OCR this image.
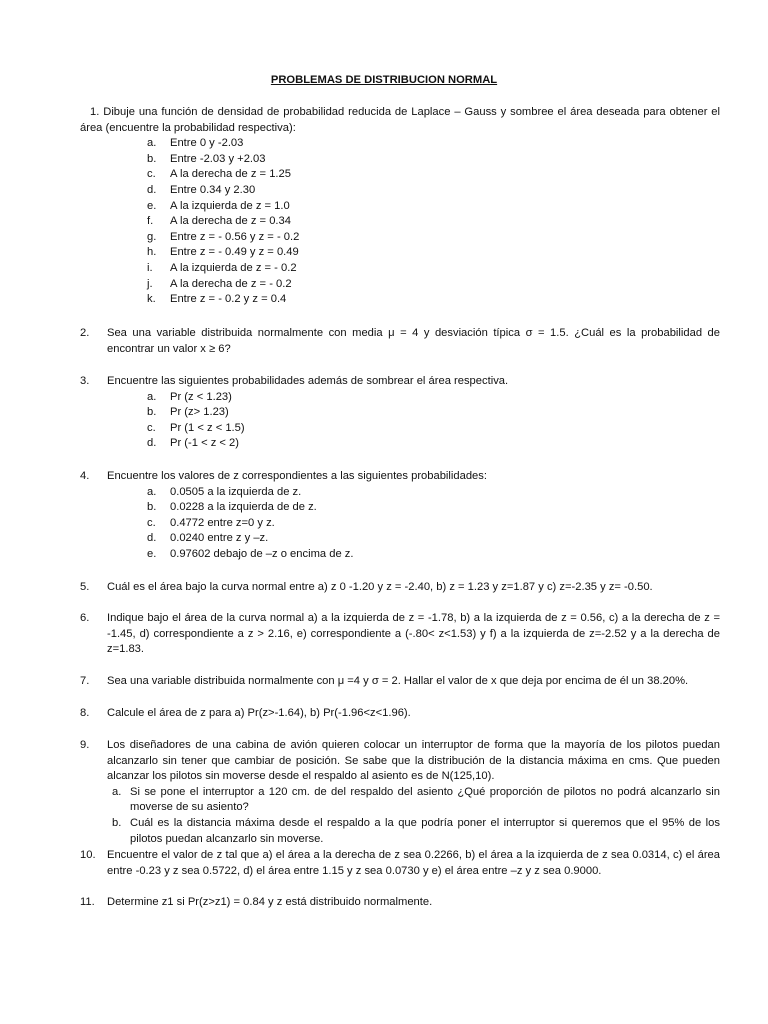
PROBLEMAS DE DISTRIBUCION NORMAL
1. Dibuje una función de densidad de probabilidad reducida de Laplace – Gauss y sombree el área deseada para obtener el área (encuentre la probabilidad respectiva):
a. Entre 0 y -2.03
b. Entre -2.03 y +2.03
c. A la derecha de z = 1.25
d. Entre 0.34 y 2.30
e. A la izquierda de z = 1.0
f. A la derecha de z = 0.34
g. Entre z = - 0.56 y z = - 0.2
h. Entre z = - 0.49 y z = 0.49
i. A la izquierda de z = - 0.2
j. A la derecha de z = - 0.2
k. Entre z = - 0.2 y z = 0.4
2. Sea una variable distribuida normalmente con media μ = 4 y desviación típica σ = 1.5. ¿Cuál es la probabilidad de encontrar un valor x ≥ 6?
3. Encuentre las siguientes probabilidades además de sombrear el área respectiva.
a. Pr (z < 1.23)
b. Pr (z> 1.23)
c. Pr (1 < z < 1.5)
d. Pr (-1 < z < 2)
4. Encuentre los valores de z correspondientes a las siguientes probabilidades:
a. 0.0505 a la izquierda de z.
b. 0.0228 a la izquierda de de z.
c. 0.4772 entre z=0 y z.
d. 0.0240 entre z y –z.
e. 0.97602 debajo de –z o encima de z.
5. Cuál es el área bajo la curva normal entre a) z 0 -1.20 y z = -2.40, b) z = 1.23 y z=1.87 y c) z=-2.35 y z= -0.50.
6. Indique bajo el área de la curva normal a) a la izquierda de z = -1.78, b) a la izquierda de z = 0.56, c) a la derecha de z = -1.45, d) correspondiente a z > 2.16, e) correspondiente a (-.80< z<1.53) y f) a la izquierda de z=-2.52 y a la derecha de z=1.83.
7. Sea una variable distribuida normalmente con μ =4 y σ = 2. Hallar el valor de x que deja por encima de él un 38.20%.
8. Calcule el área de z para a) Pr(z>-1.64), b) Pr(-1.96<z<1.96).
9. Los diseñadores de una cabina de avión quieren colocar un interruptor de forma que la mayoría de los pilotos puedan alcanzarlo sin tener que cambiar de posición. Se sabe que la distribución de la distancia máxima en cms. Que pueden alcanzar los pilotos sin moverse desde el respaldo al asiento es de N(125,10).
a. Si se pone el interruptor a 120 cm. de del respaldo del asiento ¿Qué proporción de pilotos no podrá alcanzarlo sin moverse de su asiento?
b. Cuál es la distancia máxima desde el respaldo a la que podría poner el interruptor si queremos que el 95% de los pilotos puedan alcanzarlo sin moverse.
10. Encuentre el valor de z tal que a) el área a la derecha de z sea 0.2266, b) el área a la izquierda de z sea 0.0314, c) el área entre -0.23 y z sea 0.5722, d) el área entre 1.15 y z sea 0.0730 y e) el área entre –z y z sea 0.9000.
11. Determine z1 si Pr(z>z1) = 0.84 y z está distribuido normalmente.
